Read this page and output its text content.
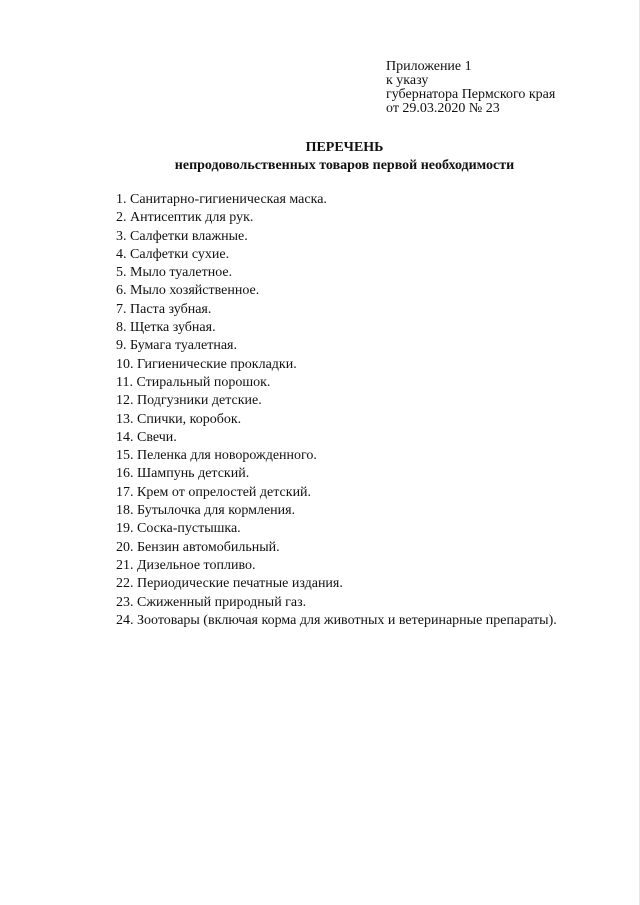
Приложение 1
к указу
губернатора Пермского края
от 29.03.2020 № 23
ПЕРЕЧЕНЬ
непродовольственных товаров первой необходимости
1. Санитарно-гигиеническая маска.
2. Антисептик для рук.
3. Салфетки влажные.
4. Салфетки сухие.
5. Мыло туалетное.
6. Мыло хозяйственное.
7. Паста зубная.
8. Щетка зубная.
9. Бумага туалетная.
10. Гигиенические прокладки.
11. Стиральный порошок.
12. Подгузники детские.
13. Спички, коробок.
14. Свечи.
15. Пеленка для новорожденного.
16. Шампунь детский.
17. Крем от опрелостей детский.
18. Бутылочка для кормления.
19. Соска-пустышка.
20. Бензин автомобильный.
21. Дизельное топливо.
22. Периодические печатные издания.
23. Сжиженный природный газ.
24. Зоотовары (включая корма для животных и ветеринарные препараты).
